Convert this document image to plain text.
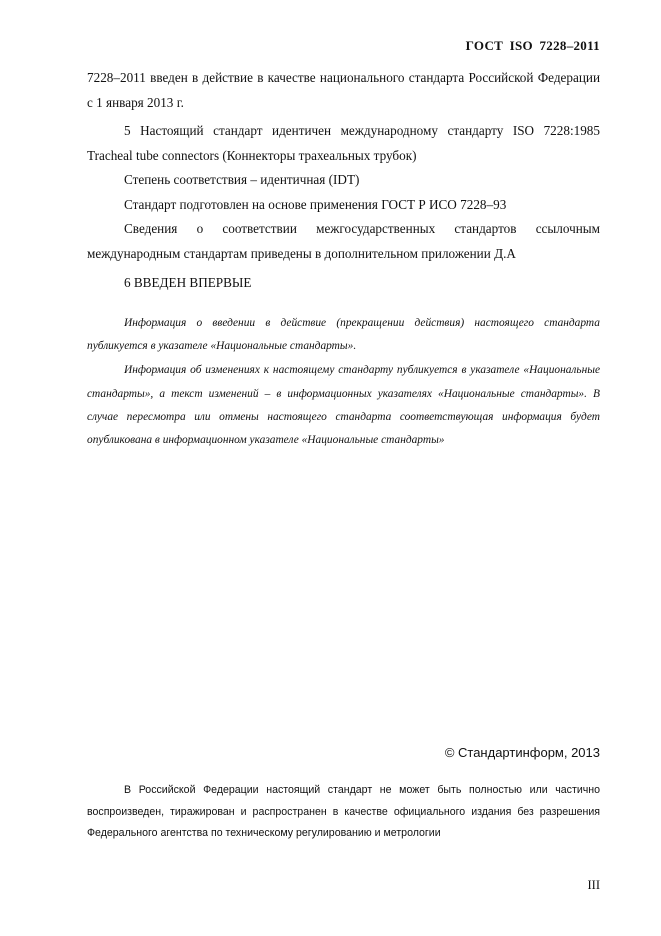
ГОСТ ISO 7228–2011

7228–2011 введен в действие в качестве национального стандарта Российской Федерации с 1 января 2013 г.

5 Настоящий стандарт идентичен международному стандарту ISO 7228:1985 Tracheal tube connectors (Коннекторы трахеальных трубок)

Степень соответствия – идентичная (IDT)

Стандарт подготовлен на основе применения ГОСТ Р ИСО 7228–93

Сведения о соответствии межгосударственных стандартов ссылочным международным стандартам приведены в дополнительном приложении Д.А

6 ВВЕДЕН ВПЕРВЫЕ

Информация о введении в действие (прекращении действия) настоящего стандарта публикуется в указателе «Национальные стандарты».

Информация об изменениях к настоящему стандарту публикуется в указателе «Национальные стандарты», а текст изменений – в информационных указателях «Национальные стандарты». В случае пересмотра или отмены настоящего стандарта соответствующая информация будет опубликована в информационном указателе «Национальные стандарты»

© Стандартинформ, 2013

В Российской Федерации настоящий стандарт не может быть полностью или частично воспроизведен, тиражирован и распространен в качестве официального издания без разрешения Федерального агентства по техническому регулированию и метрологии

III
